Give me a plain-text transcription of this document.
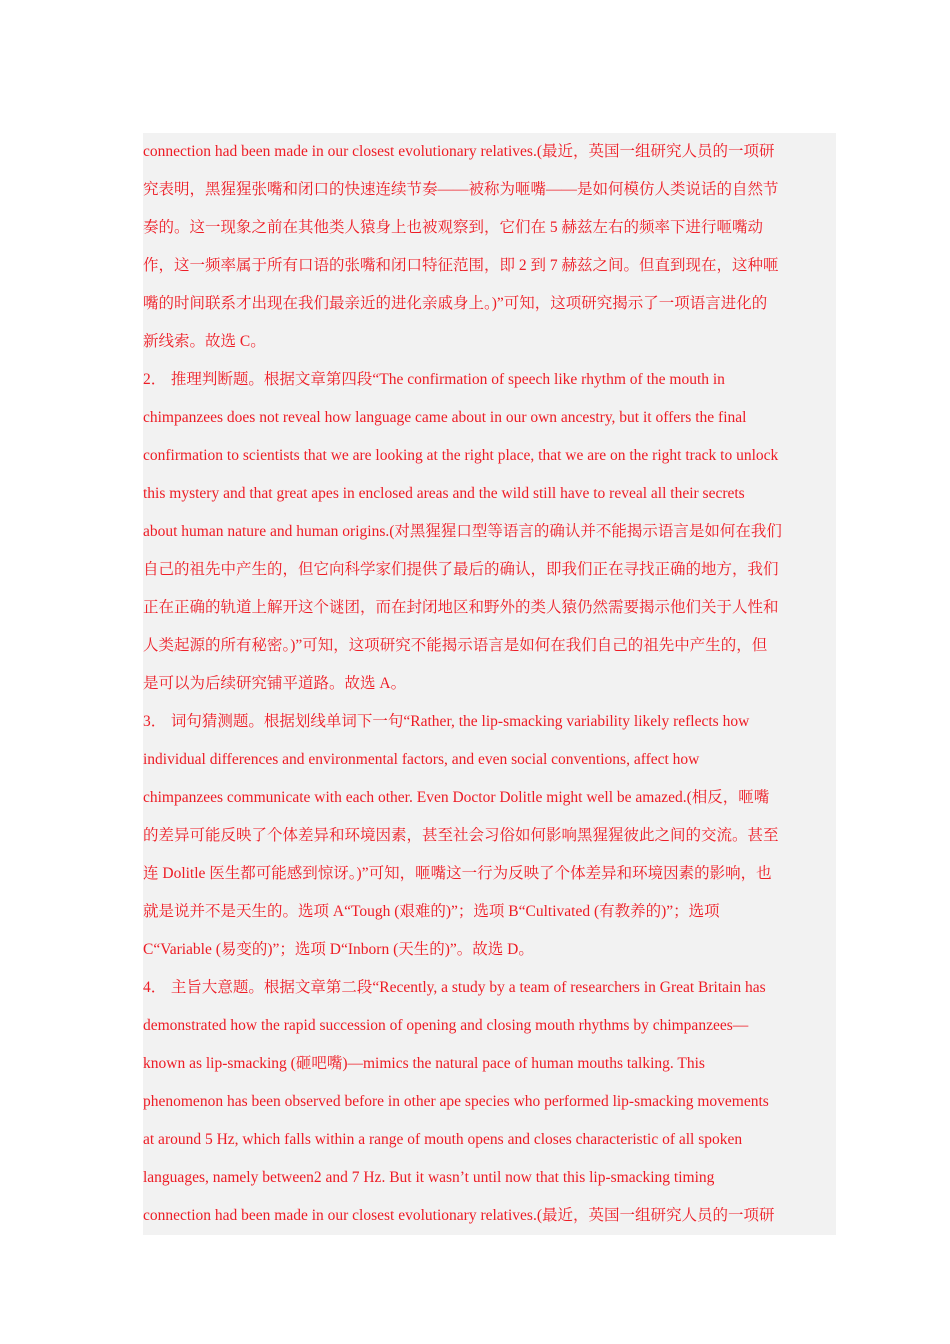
connection had been made in our closest evolutionary relatives.(最近，英国一组研究人员的一项研
究表明，黑猩猩张嘴和闭口的快速连续节奏——被称为咂嘴——是如何模仿人类说话的自然节
奏的。这一现象之前在其他类人猿身上也被观察到，它们在 5 赫兹左右的频率下进行咂嘴动
作，这一频率属于所有口语的张嘴和闭口特征范围，即 2 到 7 赫兹之间。但直到现在，这种咂
嘴的时间联系才出现在我们最亲近的进化亲戚身上。)”可知，这项研究揭示了一项语言进化的
新线索。故选 C。
2． 推理判断题。根据文章第四段“The confirmation of speech like rhythm of the mouth in
chimpanzees does not reveal how language came about in our own ancestry, but it offers the final
confirmation to scientists that we are looking at the right place, that we are on the right track to unlock
this mystery and that great apes in enclosed areas and the wild still have to reveal all their secrets
about human nature and human origins.(对黑猩猩口型等语言的确认并不能揭示语言是如何在我们
自己的祖先中产生的，但它向科学家们提供了最后的确认，即我们正在寻找正确的地方，我们
正在正确的轨道上解开这个谜团，而在封闭地区和野外的类人猿仍然需要揭示他们关于人性和
人类起源的所有秘密。)”可知，这项研究不能揭示语言是如何在我们自己的祖先中产生的，但
是可以为后续研究铺平道路。故选 A。
3． 词句猜测题。根据划线单词下一句“Rather, the lip-smacking variability likely reflects how
individual differences and environmental factors, and even social conventions, affect how
chimpanzees communicate with each other. Even Doctor Dolitle might well be amazed.(相反，咂嘴
的差异可能反映了个体差异和环境因素，甚至社会习俗如何影响黑猩猩彼此之间的交流。甚至
连 Dolitle 医生都可能感到惊讶。)”可知，咂嘴这一行为反映了个体差异和环境因素的影响，也
就是说并不是天生的。选项 A“Tough (艰难的)”；选项 B“Cultivated (有教养的)”；选项
C“Variable (易变的)”；选项 D“Inborn (天生的)”。故选 D。
4． 主旨大意题。根据文章第二段“Recently, a study by a team of researchers in Great Britain has
demonstrated how the rapid succession of opening and closing mouth rhythms by chimpanzees—
known as lip-smacking (砸吧嘴)—mimics the natural pace of human mouths talking. This
phenomenon has been observed before in other ape species who performed lip-smacking movements
at around 5 Hz, which falls within a range of mouth opens and closes characteristic of all spoken
languages, namely between2 and 7 Hz. But it wasn’t until now that this lip-smacking timing
connection had been made in our closest evolutionary relatives.(最近，英国一组研究人员的一项研
